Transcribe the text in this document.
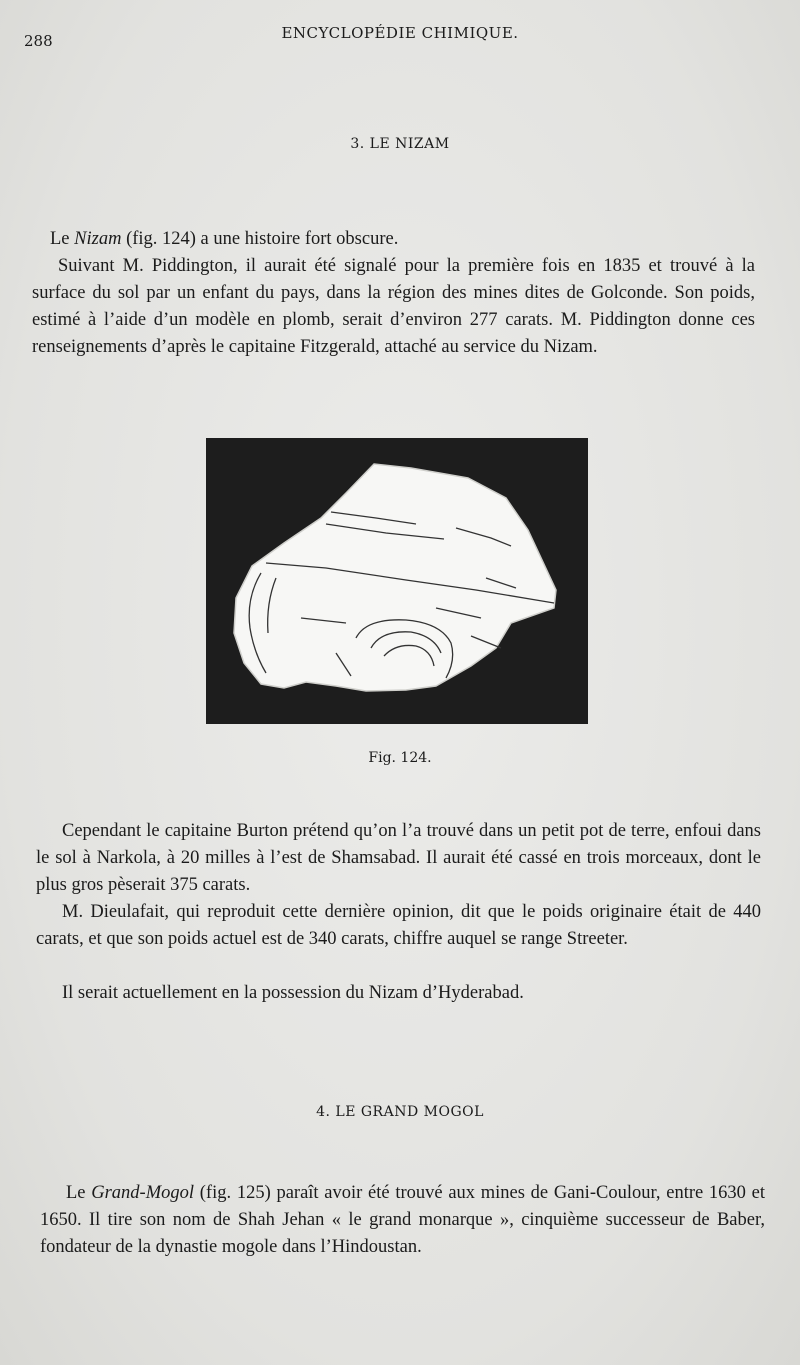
288	ENCYCLOPÉDIE CHIMIQUE.
3. LE NIZAM

Le Nizam (fig. 124) a une histoire fort obscure.

Suivant M. Piddington, il aurait été signalé pour la première fois en 1835 et trouvé à la surface du sol par un enfant du pays, dans la région des mines dites de Golconde. Son poids, estimé à l’aide d’un modèle en plomb, serait d’environ 277 carats. M. Piddington donne ces renseignements d’après le capitaine Fitzgerald, attaché au service du Nizam.

Fig. 124.

Cependant le capitaine Burton prétend qu’on l’a trouvé dans un petit pot de terre, enfoui dans le sol à Narkola, à 20 milles à l’est de Shamsabad. Il aurait été cassé en trois morceaux, dont le plus gros pèserait 375 carats.

M. Dieulafait, qui reproduit cette dernière opinion, dit que le poids originaire était de 440 carats, et que son poids actuel est de 340 carats, chiffre auquel se range Streeter.

Il serait actuellement en la possession du Nizam d’Hyderabad.

4. LE GRAND MOGOL

Le Grand-Mogol (fig. 125) paraît avoir été trouvé aux mines de Gani-Coulour, entre 1630 et 1650. Il tire son nom de Shah Jehan « le grand monarque », cinquième successeur de Baber, fondateur de la dynastie mogole dans l’Hindoustan.
